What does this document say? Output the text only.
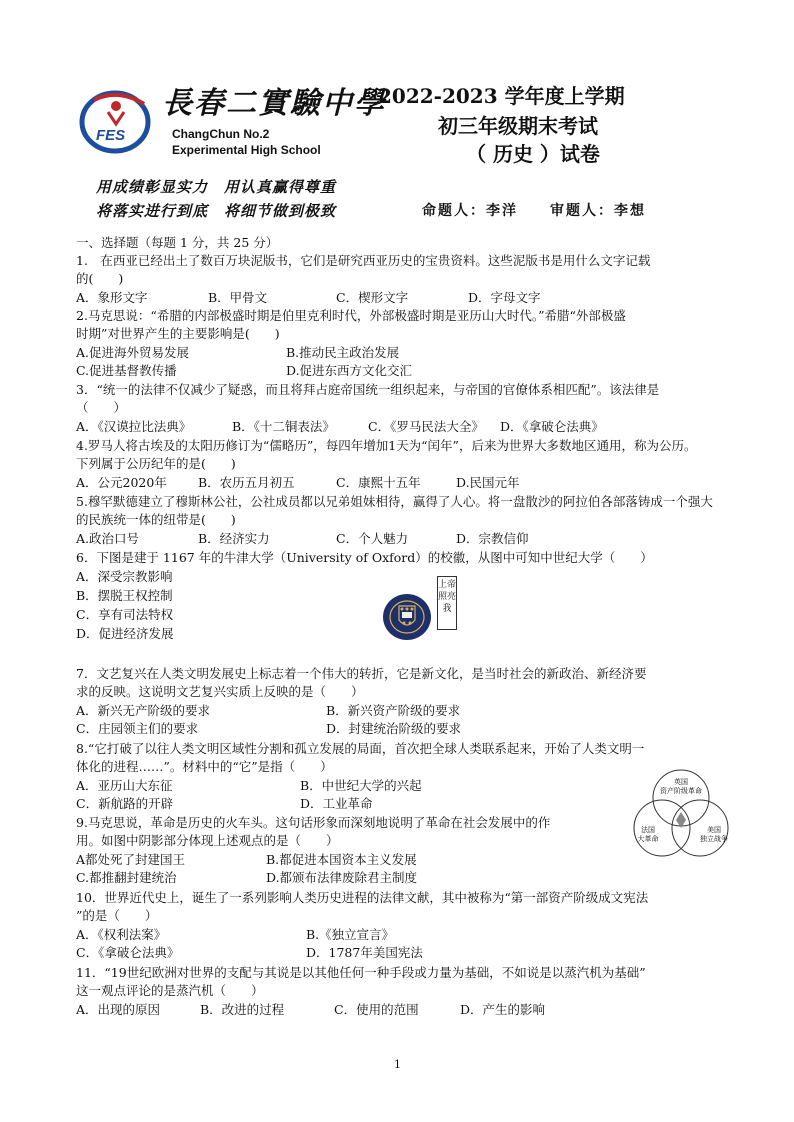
FES
長春二實驗中學
ChangChun No.2
Experimental High School
2022-2023 学年度上学期
初三年级期末考试
（ 历史 ）试卷
用成绩彰显实力　用认真赢得尊重
将落实进行到底　将细节做到极致	命题人：李洋　　审题人：李想
一、选择题（每题 1 分，共 25 分）
1.　在西亚已经出土了数百万块泥版书，它们是研究西亚历史的宝贵资料。这些泥版书是用什么文字记载
的(　　)
A．象形文字	B．甲骨文	C．楔形文字	D．字母文字
2.马克思说：“希腊的内部极盛时期是伯里克利时代，外部极盛时期是亚历山大时代。”希腊“外部极盛
时期”对世界产生的主要影响是(　　)
A.促进海外贸易发展	B.推动民主政治发展
C.促进基督教传播	D.促进东西方文化交汇
3．“统一的法律不仅减少了疑惑，而且将拜占庭帝国统一组织起来，与帝国的官僚体系相匹配”。该法律是
（　　）
A．《汉谟拉比法典》	B．《十二铜表法》	C．《罗马民法大全》 D．《拿破仑法典》
4.罗马人将古埃及的太阳历修订为“儒略历”，每四年增加1天为“闰年”，后来为世界大多数地区通用，称为公历。
下列属于公历纪年的是(　　)
A．公元2020年 B．农历五月初五	C．康熙十五年	D.民国元年
5.穆罕默德建立了穆斯林公社，公社成员都以兄弟姐妹相待，赢得了人心。将一盘散沙的阿拉伯各部落铸成一个强大
的民族统一体的纽带是(　　)
A.政治口号	B．经济实力	C．个人魅力	D．宗教信仰
6．下图是建于 1167 年的牛津大学（University of Oxford）的校徽，从图中可知中世纪大学（　　）
A．深受宗教影响
B．摆脱王权控制
C．享有司法特权
D．促进经济发展
上帝照亮我
7．文艺复兴在人类文明发展史上标志着一个伟大的转折，它是新文化，是当时社会的新政治、新经济要
求的反映。这说明文艺复兴实质上反映的是（　　）
A．新兴无产阶级的要求	B．新兴资产阶级的要求
C．庄园领主们的要求	D．封建统治阶级的要求
8.“它打破了以往人类文明区域性分割和孤立发展的局面，首次把全球人类联系起来，开始了人类文明一
体化的进程……”。材料中的“它”是指（　　）
A．亚历山大东征	B．中世纪大学的兴起
C．新航路的开辟	D．工业革命
英国资产阶级革命
法国大革命
美国独立战争
9.马克思说，革命是历史的火车头。这句话形象而深刻地说明了革命在社会发展中的作
用。如图中阴影部分体现上述观点的是（　　）
A都处死了封建国王	B.都促进本国资本主义发展
C.都推翻封建统治	D.都颁布法律废除君主制度
10．世界近代史上，诞生了一系列影响人类历史进程的法律文献，其中被称为“第一部资产阶级成文宪法
”的是（　　）
A．《权利法案》	B.《独立宣言》
C．《拿破仑法典》	D．1787年美国宪法
11．“19世纪欧洲对世界的支配与其说是以其他任何一种手段或力量为基础，不如说是以蒸汽机为基础”
这一观点评论的是蒸汽机（　　）
A．出现的原因	B．改进的过程	C．使用的范围	D．产生的影响
1
